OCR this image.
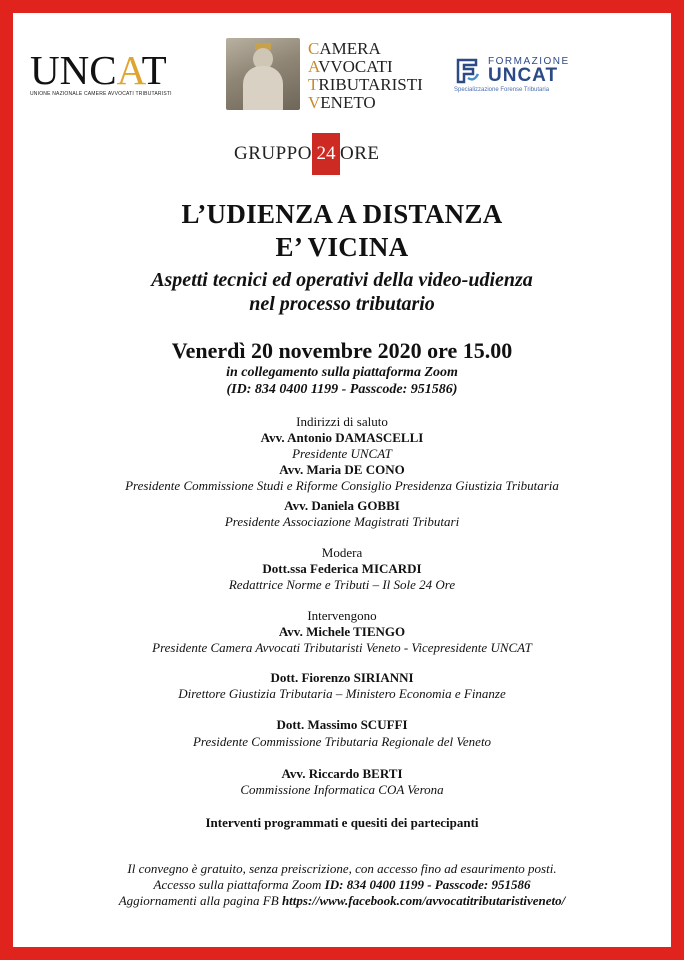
UNCAT
UNIONE NAZIONALE CAMERE AVVOCATI TRIBUTARISTI
CAMERA
AVVOCATI
TRIBUTARISTI
VENETO
FORMAZIONE
UNCAT
Specializzazione Forense Tributaria
GRUPPO 24 ORE
L’UDIENZA A DISTANZA
E’ VICINA
Aspetti tecnici ed operativi della video-udienza
nel processo tributario
Venerdì 20 novembre 2020 ore 15.00
in collegamento sulla piattaforma Zoom
(ID: 834 0400 1199 - Passcode: 951586)
Indirizzi di saluto
Avv. Antonio DAMASCELLI
Presidente UNCAT
Avv. Maria DE CONO
Presidente Commissione Studi e Riforme Consiglio Presidenza Giustizia Tributaria
Avv. Daniela GOBBI
Presidente Associazione Magistrati Tributari
Modera
Dott.ssa Federica MICARDI
Redattrice Norme e Tributi – Il Sole 24 Ore
Intervengono
Avv. Michele TIENGO
Presidente Camera Avvocati Tributaristi Veneto - Vicepresidente UNCAT
Dott. Fiorenzo SIRIANNI
Direttore Giustizia Tributaria – Ministero Economia e Finanze
Dott. Massimo SCUFFI
Presidente Commissione Tributaria Regionale del Veneto
Avv. Riccardo BERTI
Commissione Informatica COA Verona
Interventi programmati e quesiti dei partecipanti
Il convegno è gratuito, senza preiscrizione, con accesso fino ad esaurimento posti.
Accesso sulla piattaforma Zoom ID: 834 0400 1199 - Passcode: 951586
Aggiornamenti alla pagina FB https://www.facebook.com/avvocatitributaristiveneto/
